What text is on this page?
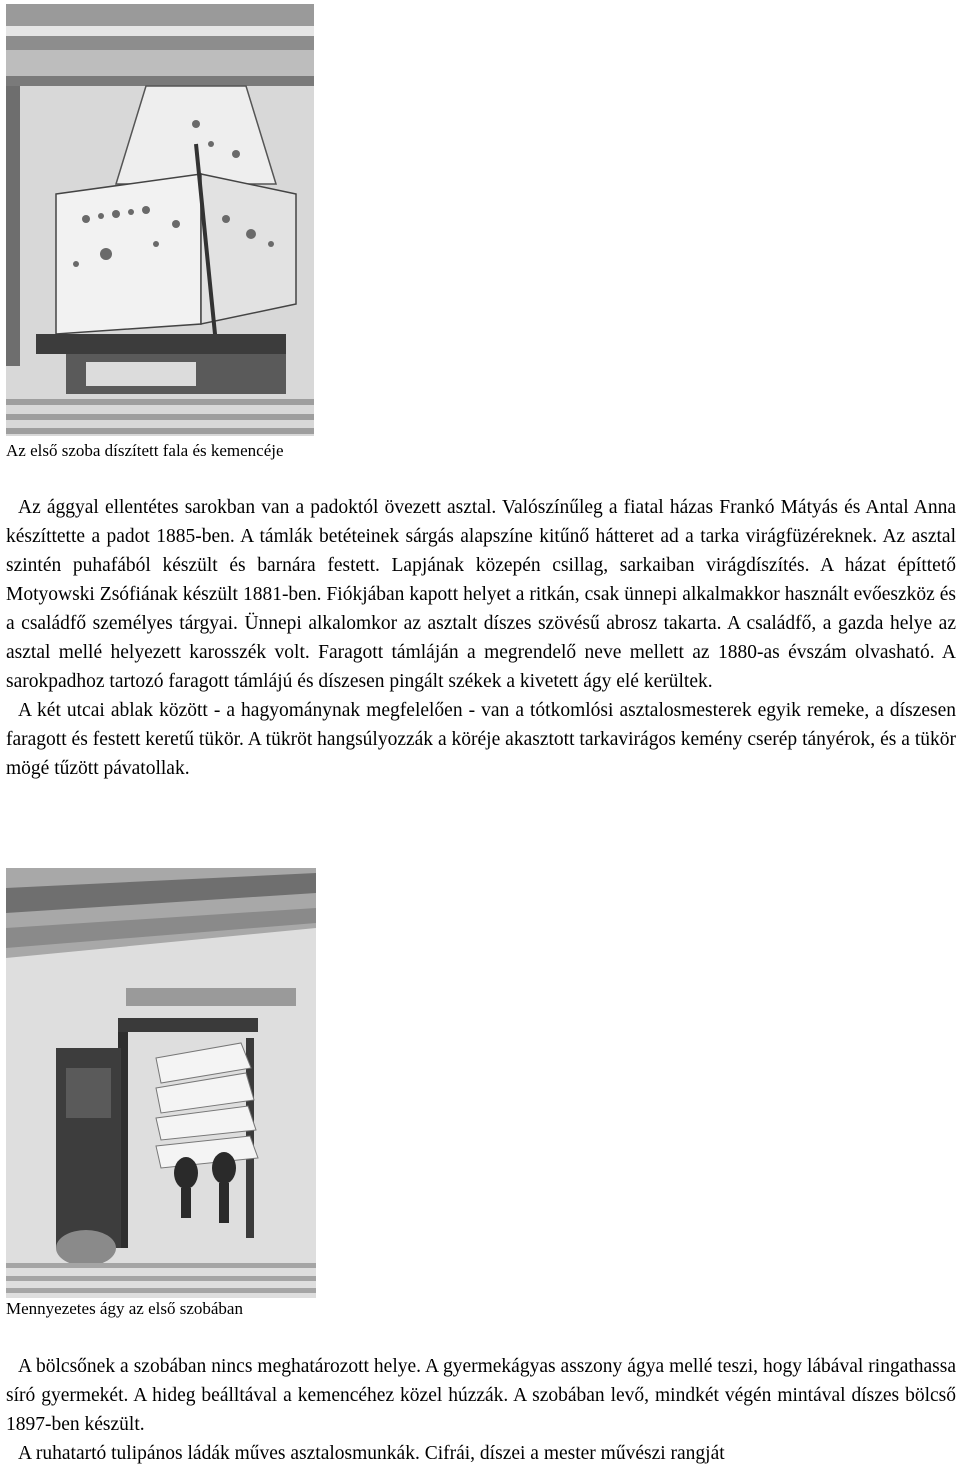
Az első szoba díszített fala és kemencéje

Az ággyal ellentétes sarokban van a padoktól övezett asztal. Valószínűleg a fiatal házas Frankó Mátyás és Antal Anna készíttette a padot 1885-ben. A támlák betéteinek sárgás alapszíne kitűnő hátteret ad a tarka virágfüzéreknek. Az asztal szintén puhafából készült és barnára festett. Lapjának közepén csillag, sarkaiban virágdíszítés. A házat építtető Motyowski Zsófiának készült 1881-ben. Fiókjában kapott helyet a ritkán, csak ünnepi alkalmakkor használt evőeszköz és a családfő személyes tárgyai. Ünnepi alkalomkor az asztalt díszes szövésű abrosz takarta. A családfő, a gazda helye az asztal mellé helyezett karosszék volt. Faragott támláján a megrendelő neve mellett az 1880-as évszám olvasható. A sarokpadhoz tartozó faragott támlájú és díszesen pingált székek a kivetett ágy elé kerültek.

A két utcai ablak között - a hagyománynak megfelelően - van a tótkomlósi asztalosmesterek egyik remeke, a díszesen faragott és festett keretű tükör. A tükröt hangsúlyozzák a köréje akasztott tarkavirágos kemény cserép tányérok, és a tükör mögé tűzött pávatollak.

Mennyezetes ágy az első szobában

A bölcsőnek a szobában nincs meghatározott helye. A gyermekágyas asszony ágya mellé teszi, hogy lábával ringathassa síró gyermekét. A hideg beálltával a kemencéhez közel húzzák. A szobában levő, mindkét végén mintával díszes bölcső 1897-ben készült.

A ruhatartó tulipános ládák műves asztalosmunkák. Cifrái, díszei a mester művészi rangját
